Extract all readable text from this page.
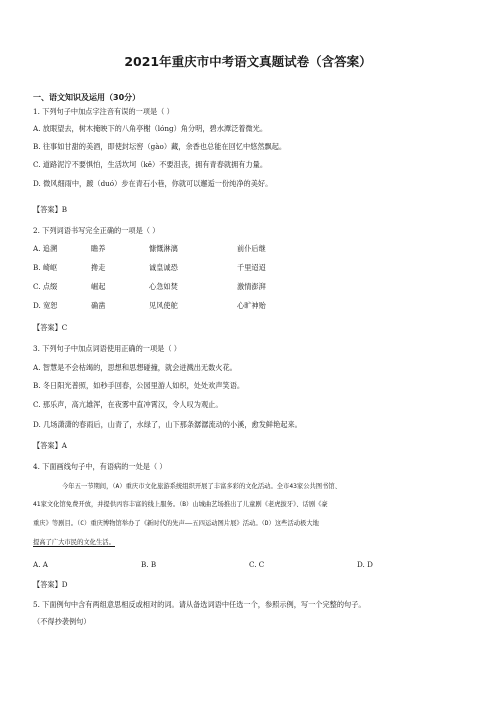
2021年重庆市中考语文真题试卷（含答案）
一、语文知识及运用（30分）
1. 下列句子中加点字注音有误的一项是（ ）
A. 放眼望去，树木掩映下的八角亭榭（lóng）角分明，碧水潭泛着微光。
B. 往事如甘甜的美酒，即使封坛窖（gào）藏，余香也总能在回忆中悠然飘起。
C. 道路泥泞不要惧怕，生活坎坷（kě）不要沮丧，拥有青春就拥有力量。
D. 微风细雨中，踱（duó）步在青石小巷，你就可以邂逅一份纯净的美好。
【答案】B
2. 下列词语书写完全正确的一项是（ ）
A. 追溯	瞻养	慷慨淋漓	前仆后继
B. 崎岖	搀走	诚皇诚恐	千里迢迢
C. 点缀	崛起	心急如焚	激情澎湃
D. 宽恕	确凿	见风使舵	心旷神贻
【答案】C
3. 下列句子中加点词语使用正确的一项是（ ）
A. 智慧是不会枯竭的，思想和思想碰撞，就会迸溅出无数火花。
B. 冬日阳光普照，如秒手回春，公园里游人如织，处处欢声笑语。
C. 那乐声，高亢雄浑，在夜雾中直冲霄汉，令人叹为观止。
D. 几场潇潇的春雨后，山青了，水绿了，山下那条潺潺流动的小溪，愈发鲜艳起来。
【答案】A
4. 下面画线句子中，有语病的一处是（ ）
今年五一节期间，（A）重庆市文化旅游系统组织开展了丰富多彩的文化活动。全市43家公共图书馆、
41家文化馆免费开放，并提供丙容丰富的线上服务。（B）山城曲艺场推出了儿童剧《老虎拔牙》、话剧《豪
重庆》等剧目。（C）重庆博物馆举办了《新时代的先声——五四运动图片展》活动。（D）这些活动极大地
提高了广大市民的文化生活。
A. A	B. B	C. C	D. D
【答案】D
5. 下面例句中含有两组意思相反或相对的词。请从备选词语中任选一个，参照示例，写一个完整的句子。
（不得抄袭例句）
